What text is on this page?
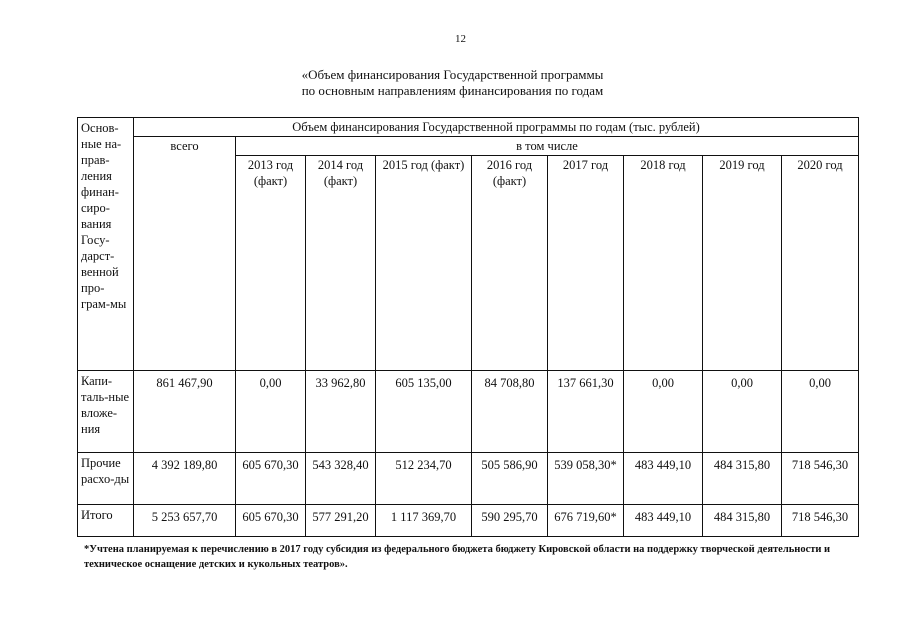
12
«Объем финансирования Государственной программы
по основным направлениям финансирования по годам
Основ-ные на-прав-ления финан-сиро-вания Госу-дарст-венной про-грам-мы	Объем финансирования Государственной программы по годам (тыс. рублей)								
	всего	в том числе							
		2013 год (факт)	2014 год (факт)	2015 год (факт)	2016 год (факт)	2017 год	2018 год	2019 год	2020 год
Капи-таль-ные вложе-ния	861 467,90	0,00	33 962,80	605 135,00	84 708,80	137 661,30	0,00	0,00	0,00
Прочие расхо-ды	4 392 189,80	605 670,30	543 328,40	512 234,70	505 586,90	539 058,30*	483 449,10	484 315,80	718 546,30
Итого	5 253 657,70	605 670,30	577 291,20	1 117 369,70	590 295,70	676 719,60*	483 449,10	484 315,80	718 546,30
*Учтена планируемая к перечислению в 2017 году субсидия из федерального бюджета бюджету Кировской области на поддержку творческой деятельности и техническое оснащение детских и кукольных театров».
